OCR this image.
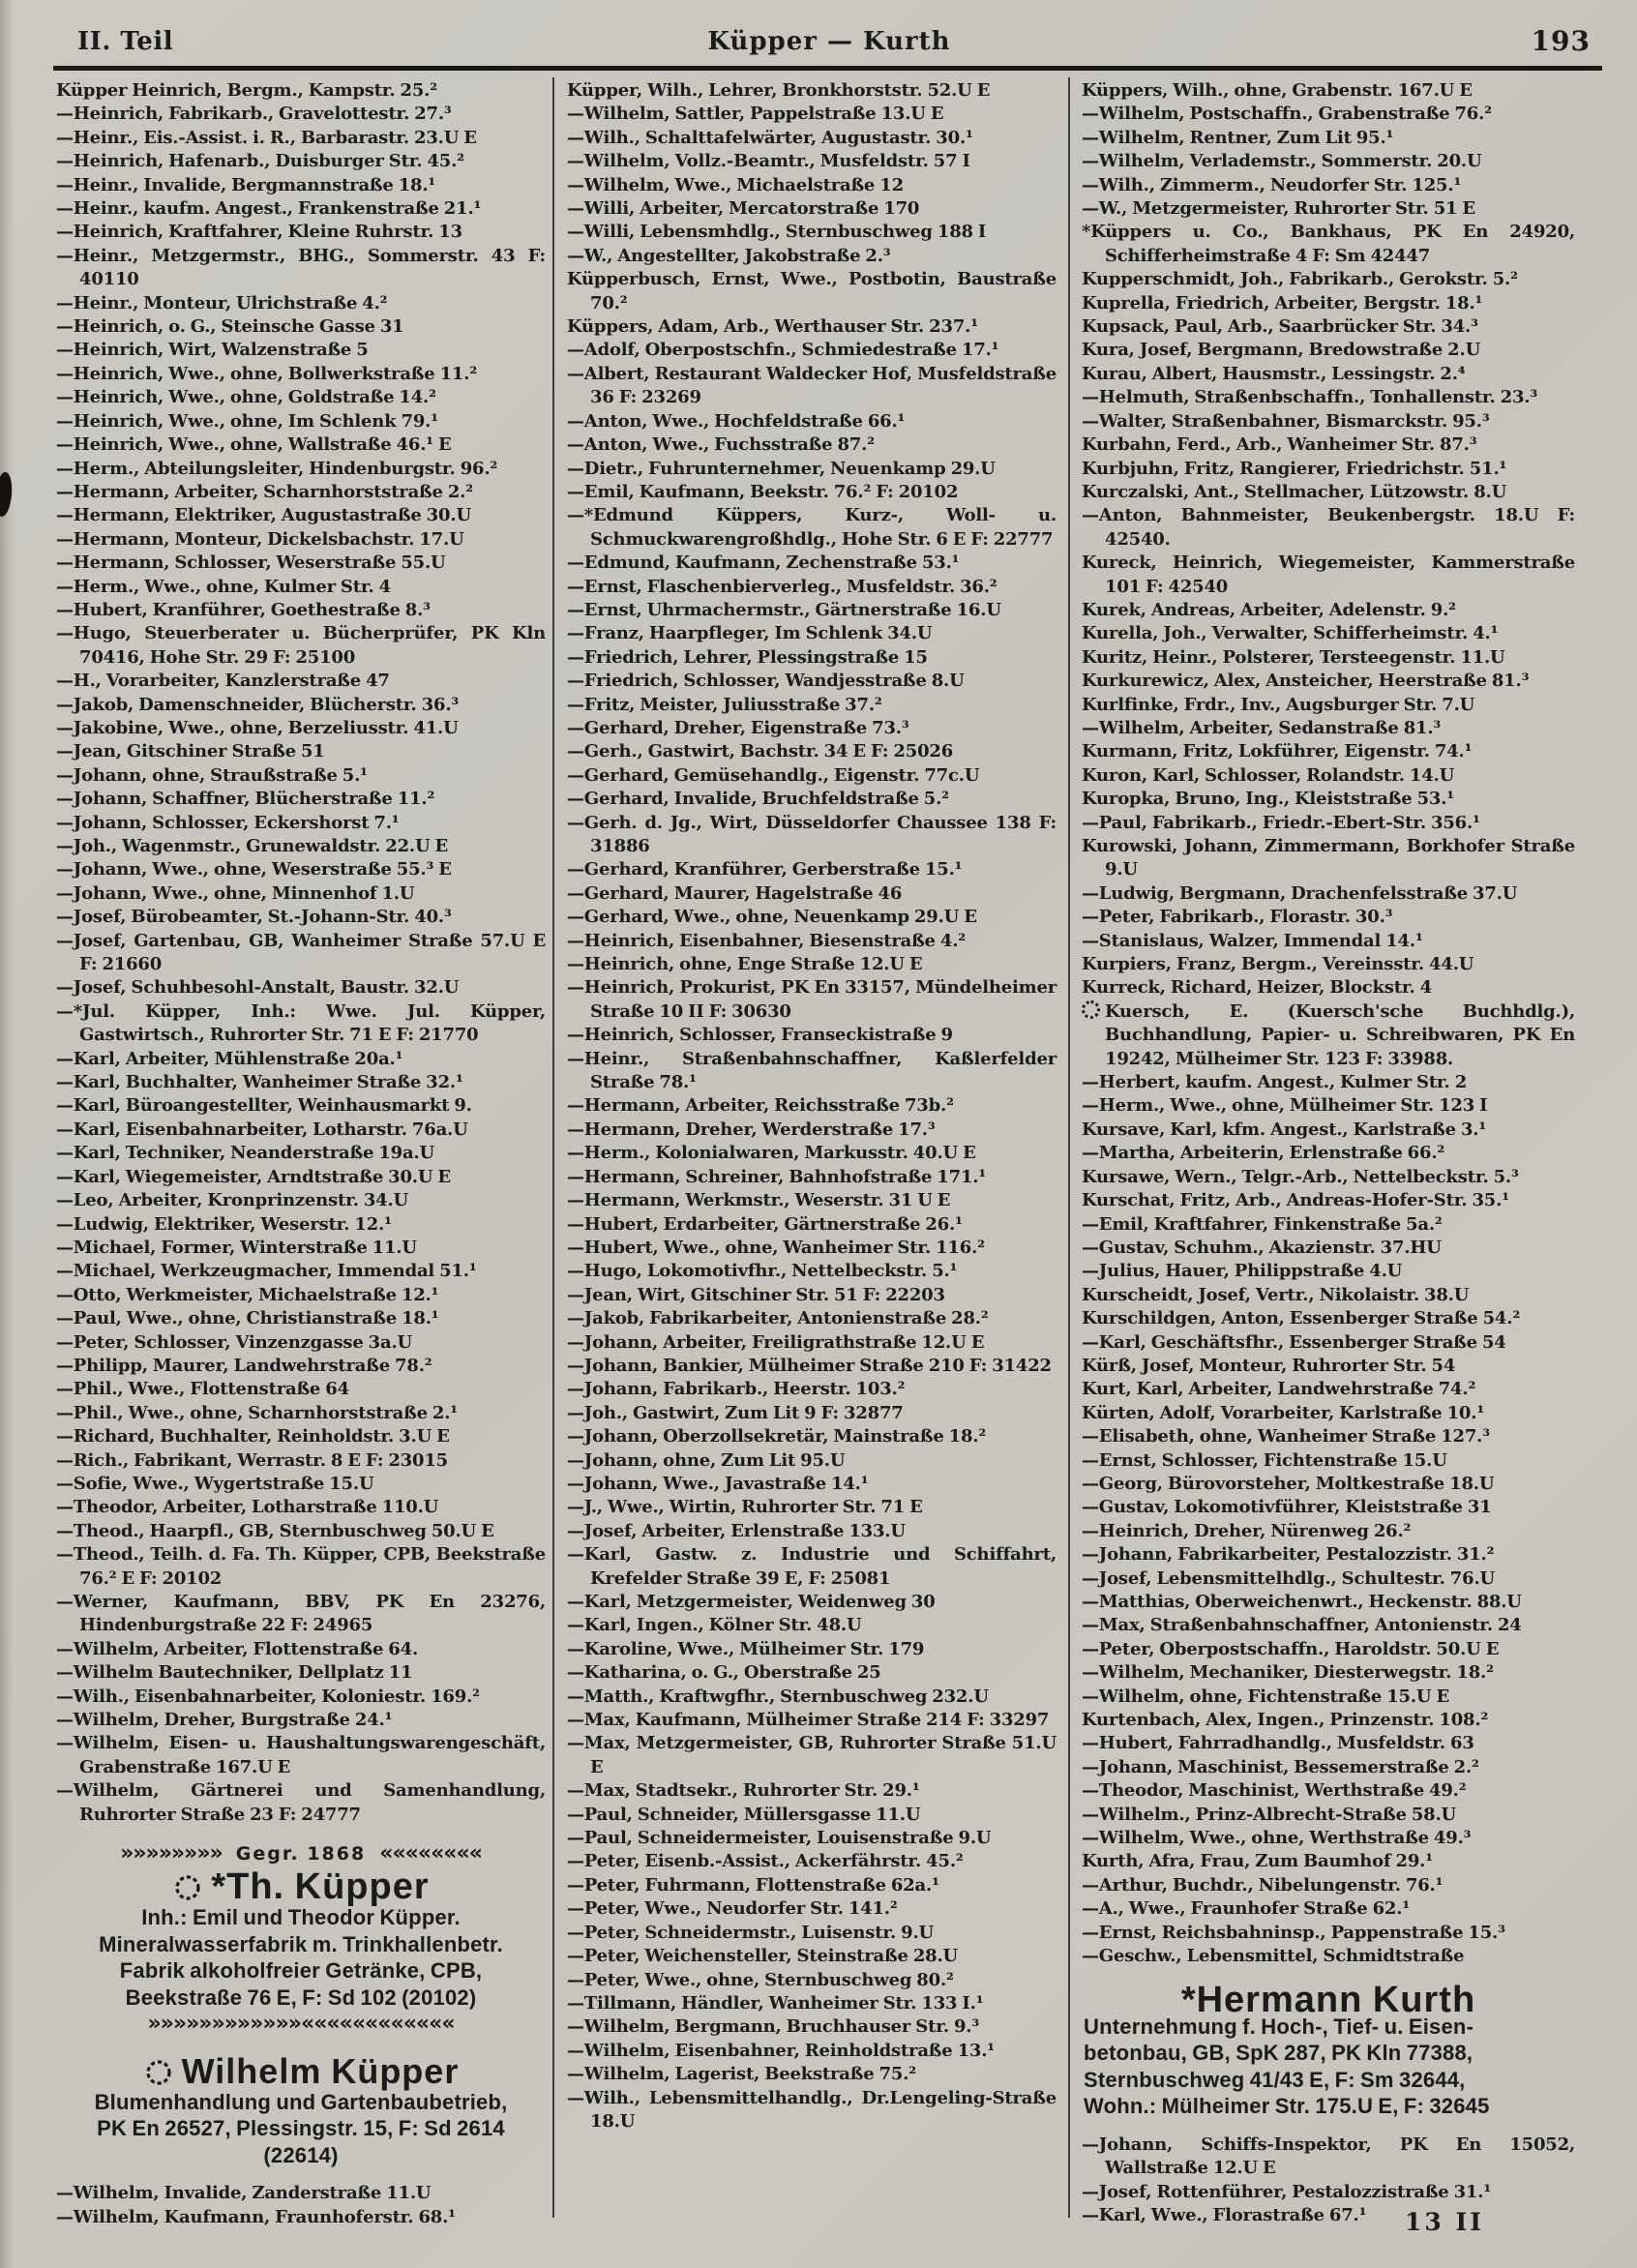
II. Teil	Küpper — Kurth	193

Küpper Heinrich, Bergm., Kampstr. 25.²

—Heinrich, Fabrikarb., Gravelottestr. 27.³

—Heinr., Eis.-Assist. i. R., Barbarastr. 23.U E

—Heinrich, Hafenarb., Duisburger Str. 45.²

—Heinr., Invalide, Bergmannstraße 18.¹

—Heinr., kaufm. Angest., Frankenstraße 21.¹

—Heinrich, Kraftfahrer, Kleine Ruhrstr. 13

—Heinr., Metzgermstr., BHG., Sommerstr. 43 F: 40110

—Heinr., Monteur, Ulrichstraße 4.²

—Heinrich, o. G., Steinsche Gasse 31

—Heinrich, Wirt, Walzenstraße 5

—Heinrich, Wwe., ohne, Bollwerkstraße 11.²

—Heinrich, Wwe., ohne, Goldstraße 14.²

—Heinrich, Wwe., ohne, Im Schlenk 79.¹

—Heinrich, Wwe., ohne, Wallstraße 46.¹ E

—Herm., Abteilungsleiter, Hindenburgstr. 96.²

—Hermann, Arbeiter, Scharnhorststraße 2.²

—Hermann, Elektriker, Augustastraße 30.U

—Hermann, Monteur, Dickelsbachstr. 17.U

—Hermann, Schlosser, Weserstraße 55.U

—Herm., Wwe., ohne, Kulmer Str. 4

—Hubert, Kranführer, Goethestraße 8.³

—Hugo, Steuerberater u. Bücherprüfer, PK Kln 70416, Hohe Str. 29 F: 25100

—H., Vorarbeiter, Kanzlerstraße 47

—Jakob, Damenschneider, Blücherstr. 36.³

—Jakobine, Wwe., ohne, Berzeliusstr. 41.U

—Jean, Gitschiner Straße 51

—Johann, ohne, Straußstraße 5.¹

—Johann, Schaffner, Blücherstraße 11.²

—Johann, Schlosser, Eckershorst 7.¹

—Joh., Wagenmstr., Grunewaldstr. 22.U E

—Johann, Wwe., ohne, Weserstraße 55.³ E

—Johann, Wwe., ohne, Minnenhof 1.U

—Josef, Bürobeamter, St.-Johann-Str. 40.³

—Josef, Gartenbau, GB, Wanheimer Straße 57.U E F: 21660

—Josef, Schuhbesohl-Anstalt, Baustr. 32.U

—*Jul. Küpper, Inh.: Wwe. Jul. Küpper, Gastwirtsch., Ruhrorter Str. 71 E F: 21770

—Karl, Arbeiter, Mühlenstraße 20a.¹

—Karl, Buchhalter, Wanheimer Straße 32.¹

—Karl, Büroangestellter, Weinhausmarkt 9.

—Karl, Eisenbahnarbeiter, Lotharstr. 76a.U

—Karl, Techniker, Neanderstraße 19a.U

—Karl, Wiegemeister, Arndtstraße 30.U E

—Leo, Arbeiter, Kronprinzenstr. 34.U

—Ludwig, Elektriker, Weserstr. 12.¹

—Michael, Former, Winterstraße 11.U

—Michael, Werkzeugmacher, Immendal 51.¹

—Otto, Werkmeister, Michaelstraße 12.¹

—Paul, Wwe., ohne, Christianstraße 18.¹

—Peter, Schlosser, Vinzenzgasse 3a.U

—Philipp, Maurer, Landwehrstraße 78.²

—Phil., Wwe., Flottenstraße 64

—Phil., Wwe., ohne, Scharnhorststraße 2.¹

—Richard, Buchhalter, Reinholdstr. 3.U E

—Rich., Fabrikant, Werrastr. 8 E F: 23015

—Sofie, Wwe., Wygertstraße 15.U

—Theodor, Arbeiter, Lotharstraße 110.U

—Theod., Haarpfl., GB, Sternbuschweg 50.U E

—Theod., Teilh. d. Fa. Th. Küpper, CPB, Beekstraße 76.² E F: 20102

—Werner, Kaufmann, BBV, PK En 23276, Hindenburgstraße 22 F: 24965

—Wilhelm, Arbeiter, Flottenstraße 64.

—Wilhelm Bautechniker, Dellplatz 11

—Wilh., Eisenbahnarbeiter, Koloniestr. 169.²

—Wilhelm, Dreher, Burgstraße 24.¹

—Wilhelm, Eisen- u. Haushaltungswarengeschäft, Grabenstraße 167.U E

—Wilhelm, Gärtnerei und Samenhandlung, Ruhrorter Straße 23 F: 24777

»»»»»»»» Gegr. 1868 ««««««««
*Th. Küpper
Inh.: Emil und Theodor Küpper.
Mineralwasserfabrik m. Trinkhallenbetr.
Fabrik alkoholfreier Getränke, CPB,
Beekstraße 76 E, F: Sd 102 (20102)
»»»»»»»»»»»»««««««««««««
Wilhelm Küpper
Blumenhandlung und Gartenbaubetrieb,
PK En 26527, Plessingstr. 15, F: Sd 2614
(22614)

—Wilhelm, Invalide, Zanderstraße 11.U

—Wilhelm, Kaufmann, Fraunhoferstr. 68.¹

Küpper, Wilh., Lehrer, Bronkhorststr. 52.U E

—Wilhelm, Sattler, Pappelstraße 13.U E

—Wilh., Schalttafelwärter, Augustastr. 30.¹

—Wilhelm, Vollz.-Beamtr., Musfeldstr. 57 I

—Wilhelm, Wwe., Michaelstraße 12

—Willi, Arbeiter, Mercatorstraße 170

—Willi, Lebensmhdlg., Sternbuschweg 188 I

—W., Angestellter, Jakobstraße 2.³

Küpperbusch, Ernst, Wwe., Postbotin, Baustraße 70.²

Küppers, Adam, Arb., Werthauser Str. 237.¹

—Adolf, Oberpostschfn., Schmiedestraße 17.¹

—Albert, Restaurant Waldecker Hof, Musfeldstraße 36 F: 23269

—Anton, Wwe., Hochfeldstraße 66.¹

—Anton, Wwe., Fuchsstraße 87.²

—Dietr., Fuhrunternehmer, Neuenkamp 29.U

—Emil, Kaufmann, Beekstr. 76.² F: 20102

—*Edmund Küppers, Kurz-, Woll- u. Schmuckwarengroßhdlg., Hohe Str. 6 E F: 22777

—Edmund, Kaufmann, Zechenstraße 53.¹

—Ernst, Flaschenbierverleg., Musfeldstr. 36.²

—Ernst, Uhrmachermstr., Gärtnerstraße 16.U

—Franz, Haarpfleger, Im Schlenk 34.U

—Friedrich, Lehrer, Plessingstraße 15

—Friedrich, Schlosser, Wandjesstraße 8.U

—Fritz, Meister, Juliusstraße 37.²

—Gerhard, Dreher, Eigenstraße 73.³

—Gerh., Gastwirt, Bachstr. 34 E F: 25026

—Gerhard, Gemüsehandlg., Eigenstr. 77c.U

—Gerhard, Invalide, Bruchfeldstraße 5.²

—Gerh. d. Jg., Wirt, Düsseldorfer Chaussee 138 F: 31886

—Gerhard, Kranführer, Gerberstraße 15.¹

—Gerhard, Maurer, Hagelstraße 46

—Gerhard, Wwe., ohne, Neuenkamp 29.U E

—Heinrich, Eisenbahner, Biesenstraße 4.²

—Heinrich, ohne, Enge Straße 12.U E

—Heinrich, Prokurist, PK En 33157, Mündelheimer Straße 10 II F: 30630

—Heinrich, Schlosser, Franseckistraße 9

—Heinr., Straßenbahnschaffner, Kaßlerfelder Straße 78.¹

—Hermann, Arbeiter, Reichsstraße 73b.²

—Hermann, Dreher, Werderstraße 17.³

—Herm., Kolonialwaren, Markusstr. 40.U E

—Hermann, Schreiner, Bahnhofstraße 171.¹

—Hermann, Werkmstr., Weserstr. 31 U E

—Hubert, Erdarbeiter, Gärtnerstraße 26.¹

—Hubert, Wwe., ohne, Wanheimer Str. 116.²

—Hugo, Lokomotivfhr., Nettelbeckstr. 5.¹

—Jean, Wirt, Gitschiner Str. 51 F: 22203

—Jakob, Fabrikarbeiter, Antonienstraße 28.²

—Johann, Arbeiter, Freiligrathstraße 12.U E

—Johann, Bankier, Mülheimer Straße 210 F: 31422

—Johann, Fabrikarb., Heerstr. 103.²

—Joh., Gastwirt, Zum Lit 9 F: 32877

—Johann, Oberzollsekretär, Mainstraße 18.²

—Johann, ohne, Zum Lit 95.U

—Johann, Wwe., Javastraße 14.¹

—J., Wwe., Wirtin, Ruhrorter Str. 71 E

—Josef, Arbeiter, Erlenstraße 133.U

—Karl, Gastw. z. Industrie und Schiffahrt, Krefelder Straße 39 E, F: 25081

—Karl, Metzgermeister, Weidenweg 30

—Karl, Ingen., Kölner Str. 48.U

—Karoline, Wwe., Mülheimer Str. 179

—Katharina, o. G., Oberstraße 25

—Matth., Kraftwgfhr., Sternbuschweg 232.U

—Max, Kaufmann, Mülheimer Straße 214 F: 33297

—Max, Metzgermeister, GB, Ruhrorter Straße 51.U E

—Max, Stadtsekr., Ruhrorter Str. 29.¹

—Paul, Schneider, Müllersgasse 11.U

—Paul, Schneidermeister, Louisenstraße 9.U

—Peter, Eisenb.-Assist., Ackerfährstr. 45.²

—Peter, Fuhrmann, Flottenstraße 62a.¹

—Peter, Wwe., Neudorfer Str. 141.²

—Peter, Schneidermstr., Luisenstr. 9.U

—Peter, Weichensteller, Steinstraße 28.U

—Peter, Wwe., ohne, Sternbuschweg 80.²

—Tillmann, Händler, Wanheimer Str. 133 I.¹

—Wilhelm, Bergmann, Bruchhauser Str. 9.³

—Wilhelm, Eisenbahner, Reinholdstraße 13.¹

—Wilhelm, Lagerist, Beekstraße 75.²

—Wilh., Lebensmittelhandlg., Dr.Lengeling-Straße 18.U

Küppers, Wilh., ohne, Grabenstr. 167.U E

—Wilhelm, Postschaffn., Grabenstraße 76.²

—Wilhelm, Rentner, Zum Lit 95.¹

—Wilhelm, Verlademstr., Sommerstr. 20.U

—Wilh., Zimmerm., Neudorfer Str. 125.¹

—W., Metzgermeister, Ruhrorter Str. 51 E

*Küppers u. Co., Bankhaus, PK En 24920, Schifferheimstraße 4 F: Sm 42447

Kupperschmidt, Joh., Fabrikarb., Gerokstr. 5.²

Kuprella, Friedrich, Arbeiter, Bergstr. 18.¹

Kupsack, Paul, Arb., Saarbrücker Str. 34.³

Kura, Josef, Bergmann, Bredowstraße 2.U

Kurau, Albert, Hausmstr., Lessingstr. 2.⁴

—Helmuth, Straßenbschaffn., Tonhallenstr. 23.³

—Walter, Straßenbahner, Bismarckstr. 95.³

Kurbahn, Ferd., Arb., Wanheimer Str. 87.³

Kurbjuhn, Fritz, Rangierer, Friedrichstr. 51.¹

Kurczalski, Ant., Stellmacher, Lützowstr. 8.U

—Anton, Bahnmeister, Beukenbergstr. 18.U F: 42540.

Kureck, Heinrich, Wiegemeister, Kammerstraße 101 F: 42540

Kurek, Andreas, Arbeiter, Adelenstr. 9.²

Kurella, Joh., Verwalter, Schifferheimstr. 4.¹

Kuritz, Heinr., Polsterer, Tersteegenstr. 11.U

Kurkurewicz, Alex, Ansteicher, Heerstraße 81.³

Kurlfinke, Frdr., Inv., Augsburger Str. 7.U

—Wilhelm, Arbeiter, Sedanstraße 81.³

Kurmann, Fritz, Lokführer, Eigenstr. 74.¹

Kuron, Karl, Schlosser, Rolandstr. 14.U

Kuropka, Bruno, Ing., Kleiststraße 53.¹

—Paul, Fabrikarb., Friedr.-Ebert-Str. 356.¹

Kurowski, Johann, Zimmermann, Borkhofer Straße 9.U

—Ludwig, Bergmann, Drachenfelsstraße 37.U

—Peter, Fabrikarb., Florastr. 30.³

—Stanislaus, Walzer, Immendal 14.¹

Kurpiers, Franz, Bergm., Vereinsstr. 44.U

Kurreck, Richard, Heizer, Blockstr. 4

Kuersch, E. (Kuersch'sche Buchhdlg.), Buchhandlung, Papier- u. Schreibwaren, PK En 19242, Mülheimer Str. 123 F: 33988.

—Herbert, kaufm. Angest., Kulmer Str. 2

—Herm., Wwe., ohne, Mülheimer Str. 123 I

Kursave, Karl, kfm. Angest., Karlstraße 3.¹

—Martha, Arbeiterin, Erlenstraße 66.²

Kursawe, Wern., Telgr.-Arb., Nettelbeckstr. 5.³

Kurschat, Fritz, Arb., Andreas-Hofer-Str. 35.¹

—Emil, Kraftfahrer, Finkenstraße 5a.²

—Gustav, Schuhm., Akazienstr. 37.HU

—Julius, Hauer, Philippstraße 4.U

Kurscheidt, Josef, Vertr., Nikolaistr. 38.U

Kurschildgen, Anton, Essenberger Straße 54.²

—Karl, Geschäftsfhr., Essenberger Straße 54

Kürß, Josef, Monteur, Ruhrorter Str. 54

Kurt, Karl, Arbeiter, Landwehrstraße 74.²

Kürten, Adolf, Vorarbeiter, Karlstraße 10.¹

—Elisabeth, ohne, Wanheimer Straße 127.³

—Ernst, Schlosser, Fichtenstraße 15.U

—Georg, Bürovorsteher, Moltkestraße 18.U

—Gustav, Lokomotivführer, Kleiststraße 31

—Heinrich, Dreher, Nürenweg 26.²

—Johann, Fabrikarbeiter, Pestalozzistr. 31.²

—Josef, Lebensmittelhdlg., Schultestr. 76.U

—Matthias, Oberweichenwrt., Heckenstr. 88.U

—Max, Straßenbahnschaffner, Antonienstr. 24

—Peter, Oberpostschaffn., Haroldstr. 50.U E

—Wilhelm, Mechaniker, Diesterwegstr. 18.²

—Wilhelm, ohne, Fichtenstraße 15.U E

Kurtenbach, Alex, Ingen., Prinzenstr. 108.²

—Hubert, Fahrradhandlg., Musfeldstr. 63

—Johann, Maschinist, Bessemerstraße 2.²

—Theodor, Maschinist, Werthstraße 49.²

—Wilhelm., Prinz-Albrecht-Straße 58.U

—Wilhelm, Wwe., ohne, Werthstraße 49.³

Kurth, Afra, Frau, Zum Baumhof 29.¹

—Arthur, Buchdr., Nibelungenstr. 76.¹

—A., Wwe., Fraunhofer Straße 62.¹

—Ernst, Reichsbahninsp., Pappenstraße 15.³

—Geschw., Lebensmittel, Schmidtstraße

*Hermann Kurth
Unternehmung f. Hoch-, Tief- u. Eisen-
betonbau, GB, SpK 287, PK Kln 77388,
Sternbuschweg 41/43 E, F: Sm 32644,
Wohn.: Mülheimer Str. 175.U E, F: 32645

—Johann, Schiffs-Inspektor, PK En 15052, Wallstraße 12.U E

—Josef, Rottenführer, Pestalozzistraße 31.¹

—Karl, Wwe., Florastraße 67.¹	13 II
